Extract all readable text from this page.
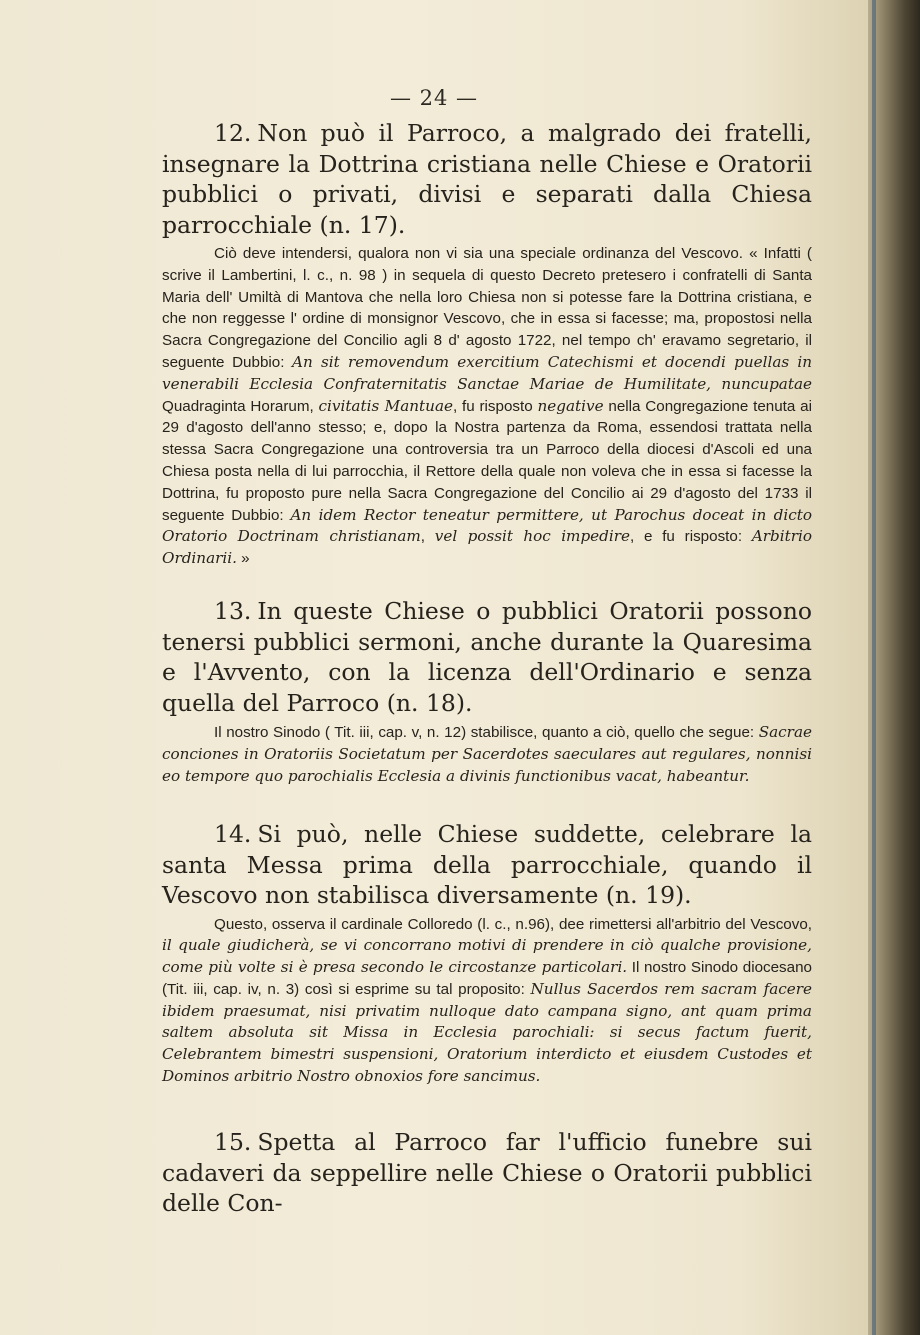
— 24 —

12. Non può il Parroco, a malgrado dei fratelli, insegnare la Dottrina cristiana nelle Chiese e Oratorii pubblici o privati, divisi e separati dalla Chiesa parrocchiale (n. 17).

Ciò deve intendersi, qualora non vi sia una speciale ordinanza del Vescovo. « Infatti ( scrive il Lambertini, l. c., n. 98 ) in sequela di questo Decreto pretesero i confratelli di Santa Maria dell' Umiltà di Mantova che nella loro Chiesa non si potesse fare la Dottrina cristiana, e che non reggesse l' ordine di monsignor Vescovo, che in essa si facesse; ma, propostosi nella Sacra Congregazione del Concilio agli 8 d' agosto 1722, nel tempo ch' eravamo segretario, il seguente Dubbio: An sit removendum exercitium Catechismi et docendi puellas in venerabili Ecclesia Confraternitatis Sanctae Mariae de Humilitate, nuncupatae Quadraginta Horarum, civitatis Mantuae, fu risposto negative nella Congregazione tenuta ai 29 d'agosto dell'anno stesso; e, dopo la Nostra partenza da Roma, essendosi trattata nella stessa Sacra Congregazione una controversia tra un Parroco della diocesi d'Ascoli ed una Chiesa posta nella di lui parrocchia, il Rettore della quale non voleva che in essa si facesse la Dottrina, fu proposto pure nella Sacra Congregazione del Concilio ai 29 d'agosto del 1733 il seguente Dubbio: An idem Rector teneatur permittere, ut Parochus doceat in dicto Oratorio Doctrinam christianam, vel possit hoc impedire, e fu risposto: Arbitrio Ordinarii. »

13. In queste Chiese o pubblici Oratorii possono tenersi pubblici sermoni, anche durante la Quaresima e l'Avvento, con la licenza dell'Ordinario e senza quella del Parroco (n. 18).

Il nostro Sinodo ( Tit. iii, cap. v, n. 12) stabilisce, quanto a ciò, quello che segue: Sacrae conciones in Oratoriis Societatum per Sacerdotes saeculares aut regulares, nonnisi eo tempore quo parochialis Ecclesia a divinis functionibus vacat, habeantur.

14. Si può, nelle Chiese suddette, celebrare la santa Messa prima della parrocchiale, quando il Vescovo non stabilisca diversamente (n. 19).

Questo, osserva il cardinale Colloredo (l. c., n.96), dee rimettersi all'arbitrio del Vescovo, il quale giudicherà, se vi concorrano motivi di prendere in ciò qualche provisione, come più volte si è presa secondo le circostanze particolari. Il nostro Sinodo diocesano (Tit. iii, cap. iv, n. 3) così si esprime su tal proposito: Nullus Sacerdos rem sacram facere ibidem praesumat, nisi privatim nulloque dato campana signo, ant quam prima saltem absoluta sit Missa in Ecclesia parochiali: si secus factum fuerit, Celebrantem bimestri suspensioni, Oratorium interdicto et eiusdem Custodes et Dominos arbitrio Nostro obnoxios fore sancimus.

15. Spetta al Parroco far l'ufficio funebre sui cadaveri da seppellire nelle Chiese o Oratorii pubblici delle Con-
